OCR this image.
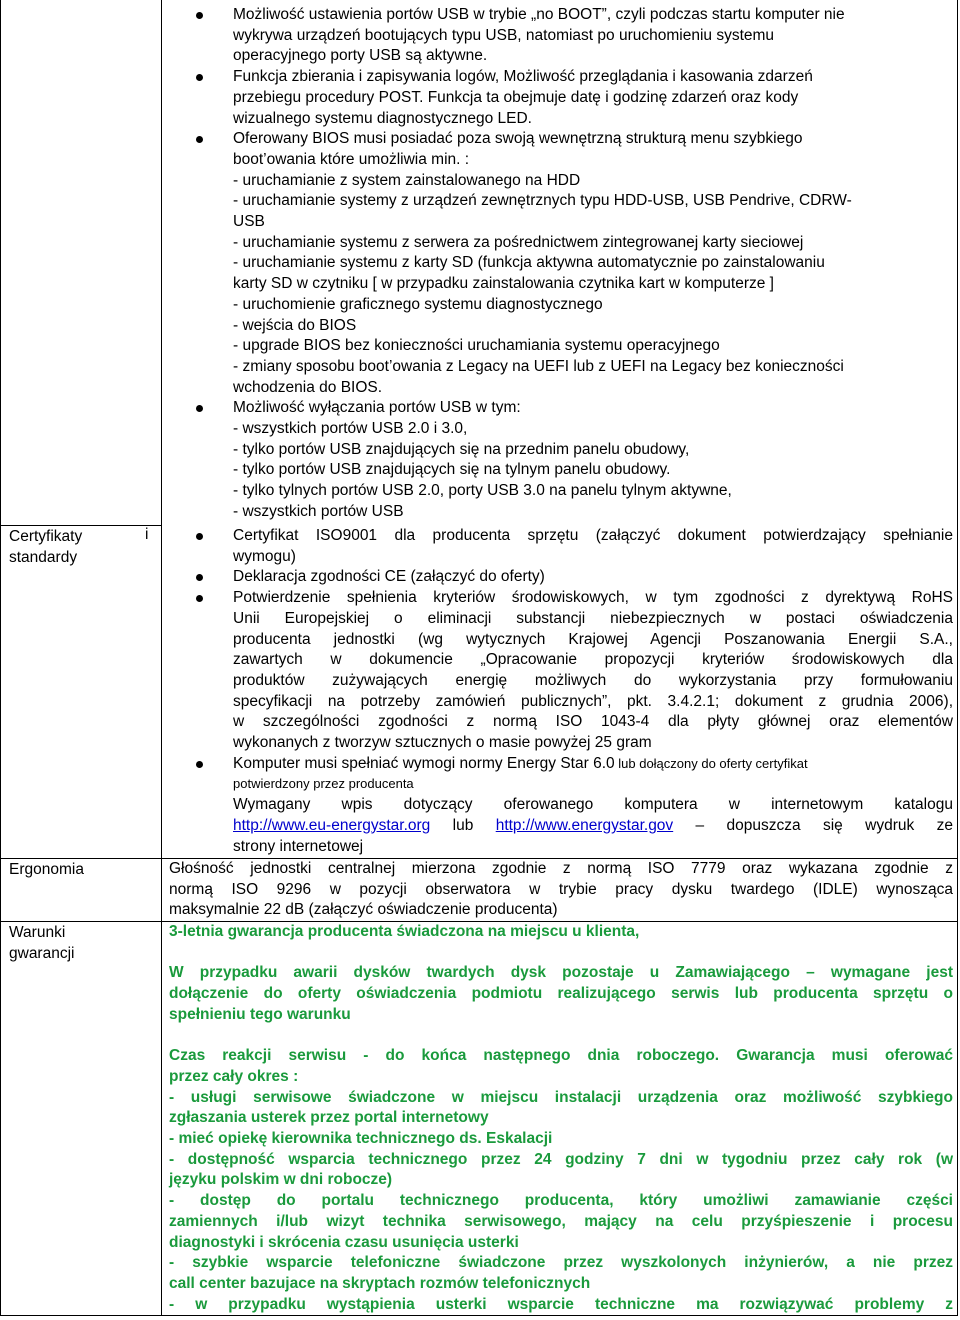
Certyfikaty
standardy
i
Ergonomia
Warunki
gwarancji
Możliwość ustawienia portów USB w trybie „no BOOT”, czyli podczas startu komputer nie
wykrywa urządzeń bootujących typu USB, natomiast po uruchomieniu systemu
operacyjnego porty USB są aktywne.
Funkcja zbierania i zapisywania logów, Możliwość przeglądania i kasowania zdarzeń
przebiegu procedury POST. Funkcja ta obejmuje datę i godzinę zdarzeń oraz kody
wizualnego systemu diagnostycznego LED.
Oferowany BIOS musi posiadać poza swoją wewnętrzną strukturą menu szybkiego
boot’owania które umożliwia min. :
- uruchamianie z system zainstalowanego na HDD
- uruchamianie systemy z urządzeń zewnętrznych typu HDD-USB, USB Pendrive, CDRW-
USB
- uruchamianie systemu z serwera za pośrednictwem zintegrowanej karty sieciowej
- uruchamianie systemu z karty SD (funkcja aktywna automatycznie po zainstalowaniu
karty SD w czytniku [ w przypadku zainstalowania czytnika kart w komputerze ]
- uruchomienie graficznego systemu diagnostycznego
- wejścia do BIOS
- upgrade BIOS bez konieczności uruchamiania systemu operacyjnego
- zmiany sposobu boot’owania z Legacy na UEFI lub z UEFI na Legacy bez konieczności
wchodzenia do BIOS.
Możliwość wyłączania portów USB w tym:
- wszystkich portów USB 2.0 i 3.0,
- tylko portów USB znajdujących się na przednim panelu obudowy,
- tylko portów USB znajdujących się na tylnym panelu obudowy.
- tylko tylnych portów USB 2.0, porty USB 3.0 na panelu tylnym aktywne,
- wszystkich portów USB
Certyfikat ISO9001 dla producenta sprzętu (załączyć dokument potwierdzający spełnianie
wymogu)
Deklaracja zgodności CE (załączyć do oferty)
Potwierdzenie spełnienia kryteriów środowiskowych, w tym zgodności z dyrektywą RoHS
Unii Europejskiej o eliminacji substancji niebezpiecznych w postaci oświadczenia
producenta jednostki (wg wytycznych Krajowej Agencji Poszanowania Energii S.A.,
zawartych w dokumencie „Opracowanie propozycji kryteriów środowiskowych dla
produktów zużywających energię możliwych do wykorzystania przy formułowaniu
specyfikacji na potrzeby zamówień publicznych”, pkt. 3.4.2.1; dokument z grudnia 2006),
w szczególności zgodności z normą ISO 1043-4 dla płyty głównej oraz elementów
wykonanych z tworzyw sztucznych o masie powyżej 25 gram
Komputer musi spełniać wymogi normy Energy Star 6.0 lub dołączony do oferty certyfikat
potwierdzony przez producenta
Wymagany wpis dotyczący oferowanego komputera w internetowym katalogu
http://www.eu-energystar.org lub http://www.energystar.gov – dopuszcza się wydruk ze
strony internetowej
Głośność jednostki centralnej mierzona zgodnie z normą ISO 7779 oraz wykazana zgodnie z
normą ISO 9296 w pozycji obserwatora w trybie pracy dysku twardego (IDLE) wynosząca
maksymalnie 22 dB (załączyć oświadczenie producenta)
3-letnia gwarancja producenta świadczona na miejscu u klienta,
W przypadku awarii dysków twardych dysk pozostaje u Zamawiającego – wymagane jest
dołączenie do oferty oświadczenia podmiotu realizującego serwis lub producenta sprzętu o
spełnieniu tego warunku
Czas reakcji serwisu - do końca następnego dnia roboczego. Gwarancja musi oferować
przez cały okres :
- usługi serwisowe świadczone w miejscu instalacji urządzenia oraz możliwość szybkiego
zgłaszania usterek przez portal internetowy
- mieć opiekę kierownika technicznego ds. Eskalacji
- dostępność wsparcia technicznego przez 24 godziny 7 dni w tygodniu przez cały rok (w
języku polskim w dni robocze)
- dostęp do portalu technicznego producenta, który umożliwi zamawianie części
zamiennych i/lub wizyt technika serwisowego, mający na celu przyśpieszenie i procesu
diagnostyki i skrócenia czasu usunięcia usterki
- szybkie wsparcie telefoniczne świadczone przez wyszkolonych inżynierów, a nie przez
call center bazujace na skryptach rozmów telefonicznych
- w przypadku wystąpienia usterki wsparcie techniczne ma rozwiązywać problemy z
